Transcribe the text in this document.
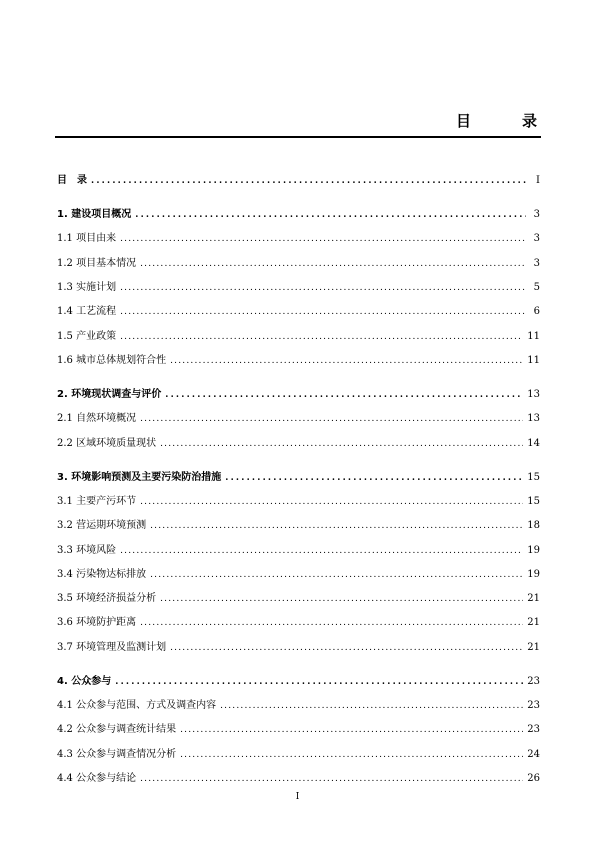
目　录
目　录 .....	I
1. 建设项目概况 .....	3
1.1 项目由来 .....	3
1.2 项目基本情况 .....	3
1.3 实施计划 .....	5
1.4 工艺流程 .....	6
1.5 产业政策 .....	11
1.6 城市总体规划符合性 .....	11
2. 环境现状调查与评价 .....	13
2.1 自然环境概况 .....	13
2.2 区域环境质量现状 .....	14
3. 环境影响预测及主要污染防治措施 .....	15
3.1 主要产污环节 .....	15
3.2 营运期环境预测 .....	18
3.3 环境风险 .....	19
3.4 污染物达标排放 .....	19
3.5 环境经济损益分析 .....	21
3.6 环境防护距离 .....	21
3.7 环境管理及监测计划 .....	21
4. 公众参与 .....	23
4.1 公众参与范围、方式及调查内容 .....	23
4.2 公众参与调查统计结果 .....	23
4.3 公众参与调查情况分析 .....	24
4.4 公众参与结论 .....	26
I
